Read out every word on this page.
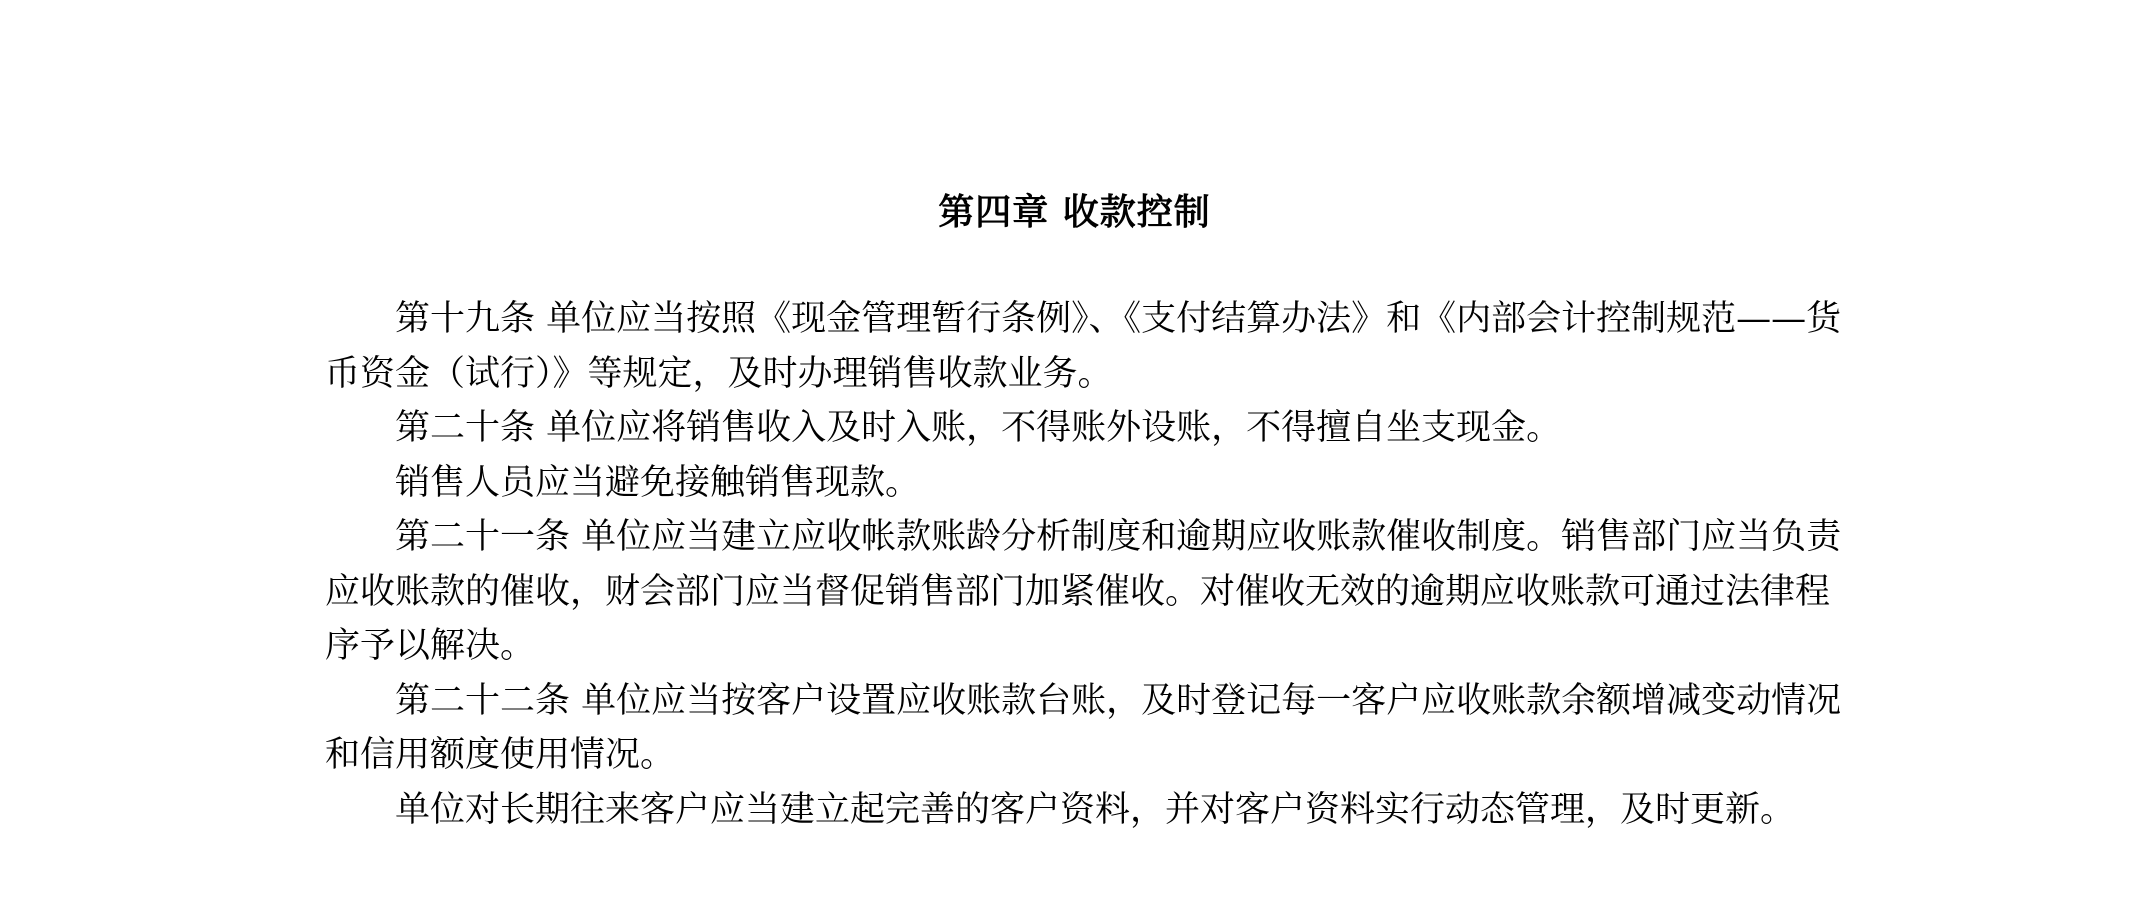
第四章 收款控制

第十九条 单位应当按照《现金管理暂行条例》、《支付结算办法》和《内部会计控制规范——货币资金（试行）》等规定，及时办理销售收款业务。

第二十条 单位应将销售收入及时入账，不得账外设账，不得擅自坐支现金。

销售人员应当避免接触销售现款。

第二十一条 单位应当建立应收帐款账龄分析制度和逾期应收账款催收制度。销售部门应当负责应收账款的催收，财会部门应当督促销售部门加紧催收。对催收无效的逾期应收账款可通过法律程序予以解决。

第二十二条 单位应当按客户设置应收账款台账，及时登记每一客户应收账款余额增减变动情况和信用额度使用情况。

单位对长期往来客户应当建立起完善的客户资料，并对客户资料实行动态管理，及时更新。
